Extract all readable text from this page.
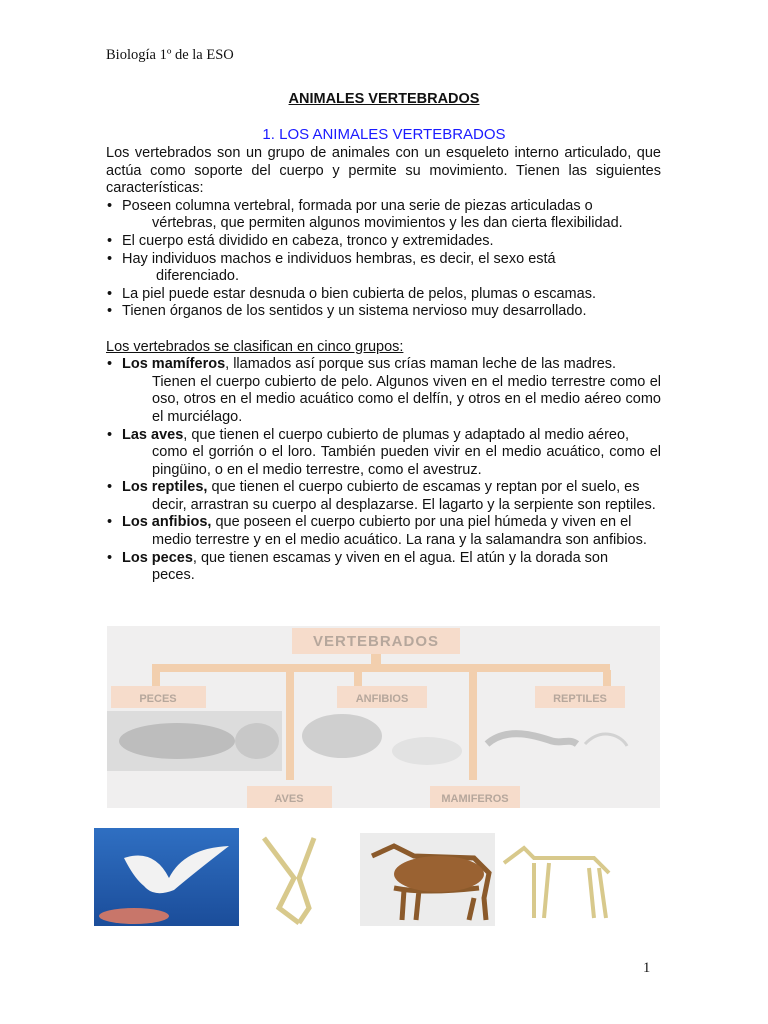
Biología 1º de la ESO
ANIMALES VERTEBRADOS
1. LOS ANIMALES VERTEBRADOS
Los vertebrados son un grupo de animales con un esqueleto interno articulado, que actúa como soporte del cuerpo y permite su movimiento. Tienen las siguientes características:
• Poseen columna vertebral, formada por una serie de piezas articuladas o
vértebras, que permiten algunos movimientos y les dan cierta flexibilidad.
• El cuerpo está dividido en cabeza, tronco y extremidades.
• Hay individuos machos e individuos hembras, es decir, el sexo está
diferenciado.
• La piel puede estar desnuda o bien cubierta de pelos, plumas o escamas.
• Tienen órganos de los sentidos y un sistema nervioso muy desarrollado.
Los vertebrados se clasifican en cinco grupos:
• Los mamíferos, llamados así porque sus crías maman leche de las madres.
Tienen el cuerpo cubierto de pelo. Algunos viven en el medio terrestre como el oso, otros en el medio acuático como el delfín, y otros en el medio aéreo como el murciélago.
• Las aves, que tienen el cuerpo cubierto de plumas y adaptado al medio aéreo,
como el gorrión o el loro. También pueden vivir en el medio acuático, como el pingüino, o en el medio terrestre, como el avestruz.
• Los reptiles, que tienen el cuerpo cubierto de escamas y reptan por el suelo, es
decir, arrastran su cuerpo al desplazarse. El lagarto y la serpiente son reptiles.
• Los anfibios, que poseen el cuerpo cubierto por una piel húmeda y viven en el
medio terrestre y en el medio acuático. La rana y la salamandra son anfibios.
• Los peces, que tienen escamas y viven en el agua. El atún y la dorada son
peces.
VERTEBRADOS
PECES	ANFIBIOS	REPTILES
AVES	MAMIFEROS
1
